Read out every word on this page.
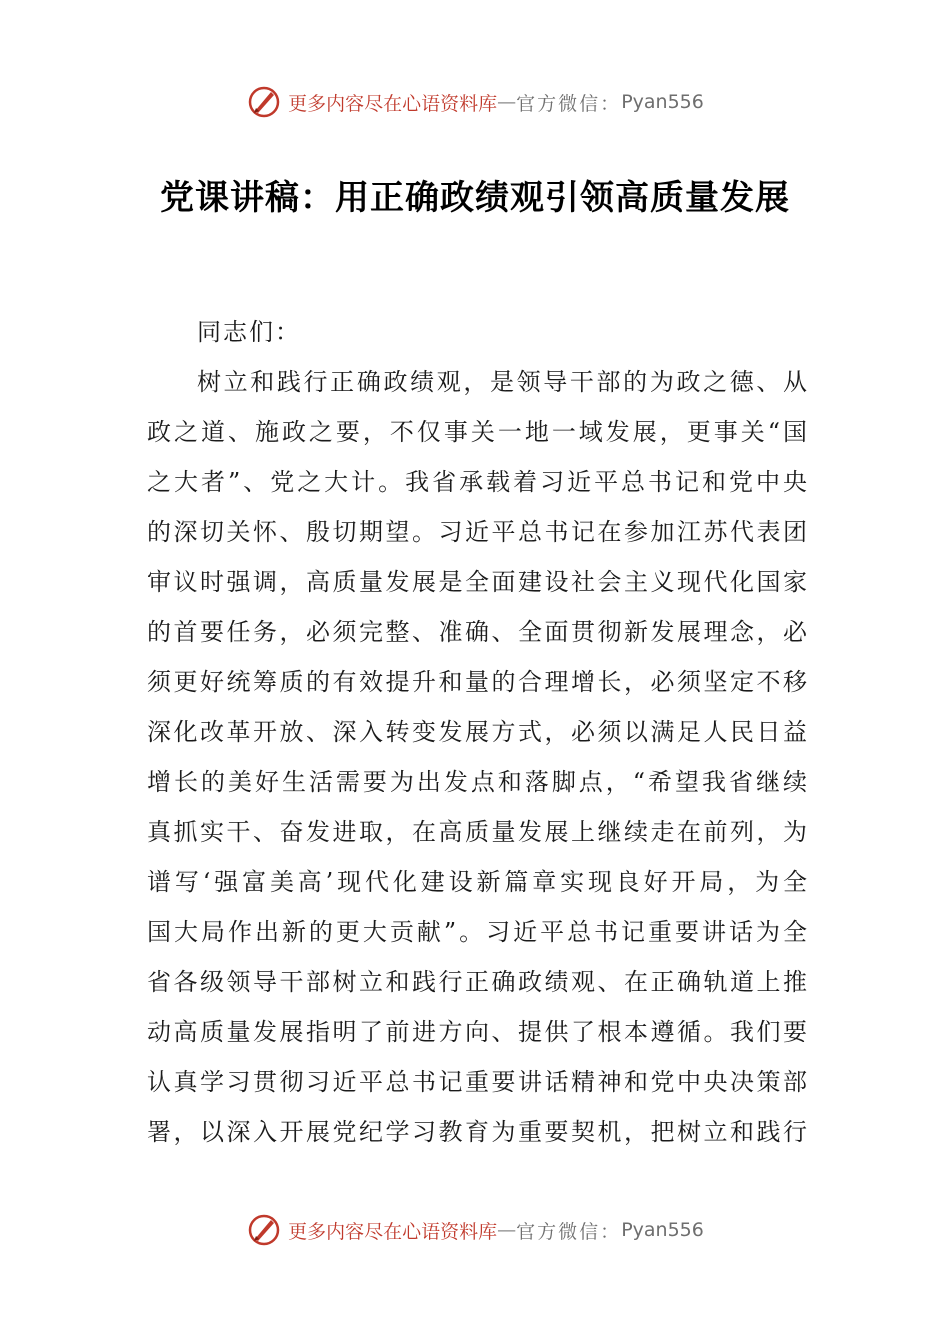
更多内容尽在心语资料库 — 官方微信： Pyan556
党课讲稿：用正确政绩观引领高质量发展
同志们：
树立和践行正确政绩观，是领导干部的为政之德、从
政之道、施政之要，不仅事关一地一域发展，更事关“国
之大者”、党之大计。我省承载着习近平总书记和党中央
的深切关怀、殷切期望。习近平总书记在参加江苏代表团
审议时强调，高质量发展是全面建设社会主义现代化国家
的首要任务，必须完整、准确、全面贯彻新发展理念，必
须更好统筹质的有效提升和量的合理增长，必须坚定不移
深化改革开放、深入转变发展方式，必须以满足人民日益
增长的美好生活需要为出发点和落脚点，“希望我省继续
真抓实干、奋发进取，在高质量发展上继续走在前列，为
谱写‘强富美高’现代化建设新篇章实现良好开局，为全
国大局作出新的更大贡献”。习近平总书记重要讲话为全
省各级领导干部树立和践行正确政绩观、在正确轨道上推
动高质量发展指明了前进方向、提供了根本遵循。我们要
认真学习贯彻习近平总书记重要讲话精神和党中央决策部
署，以深入开展党纪学习教育为重要契机，把树立和践行
更多内容尽在心语资料库 — 官方微信： Pyan556
